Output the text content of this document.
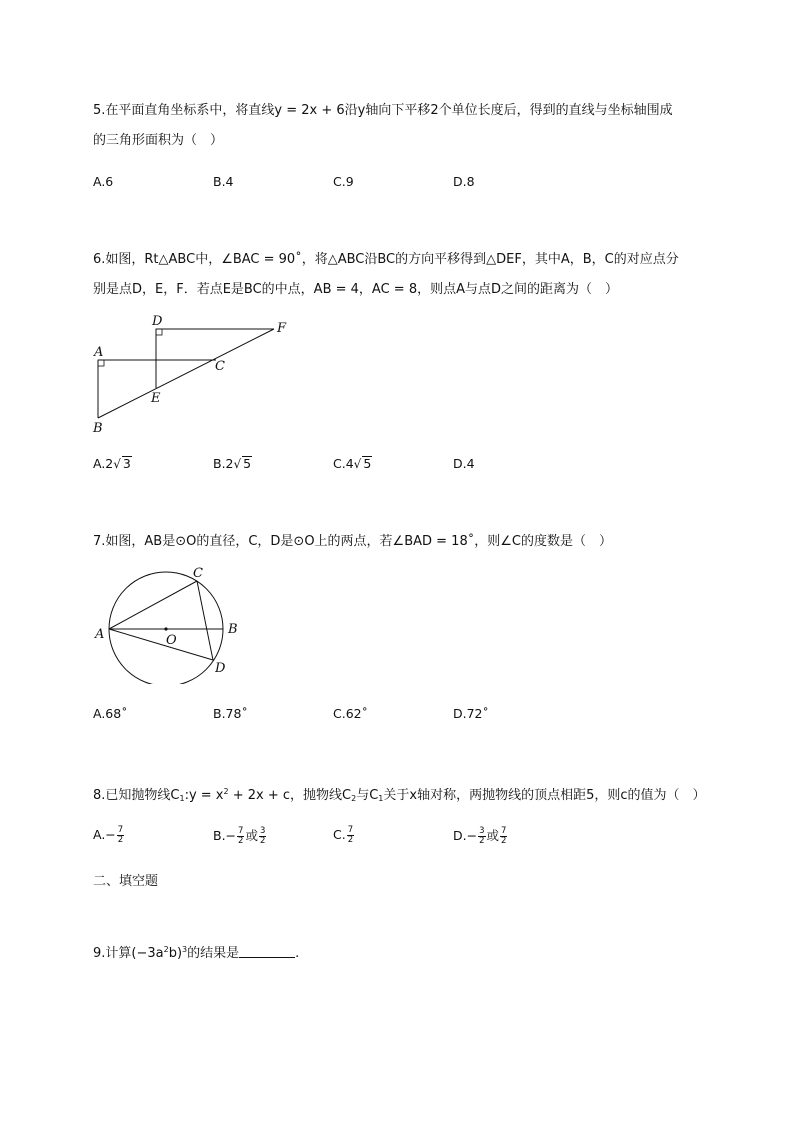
5.在平面直角坐标系中，将直线y = 2x + 6沿y轴向下平移2个单位长度后，得到的直线与坐标轴围成

的三角形面积为（　）

A.6	B.4	C.9	D.8

6.如图，Rt△ABC中，∠BAC = 90˚，将△ABC沿BC的方向平移得到△DEF，其中A，B，C的对应点分

别是点D，E，F．若点E是BC的中点，AB = 4，AC = 8，则点A与点D之间的距离为（　）

A
B
C
D
E
F
A.2√ 3	B.2√ 5	C.4√ 5	D.4

7.如图，AB是⊙O的直径，C，D是⊙O上的两点，若∠BAD = 18˚，则∠C的度数是（　）

A	B
C
D
O
A.68˚	B.78˚	C.62˚	D.72˚

8.已知抛物线$C_1:y = x^2 + 2x + c$，抛物线$C_2$与$C_1$关于x轴对称，两抛物线的顶点相距5，则c的值为（　）

$A.- \frac{7}{2}$	$B.- \frac{7}{2}$ 或 $\frac{3}{2}$	C. $\frac{7}{2}$	$D.- \frac{3}{2}$ 或 $\frac{7}{2}$
二、填空题

9.计算$(-3a^2b)^3$的结果是	.
